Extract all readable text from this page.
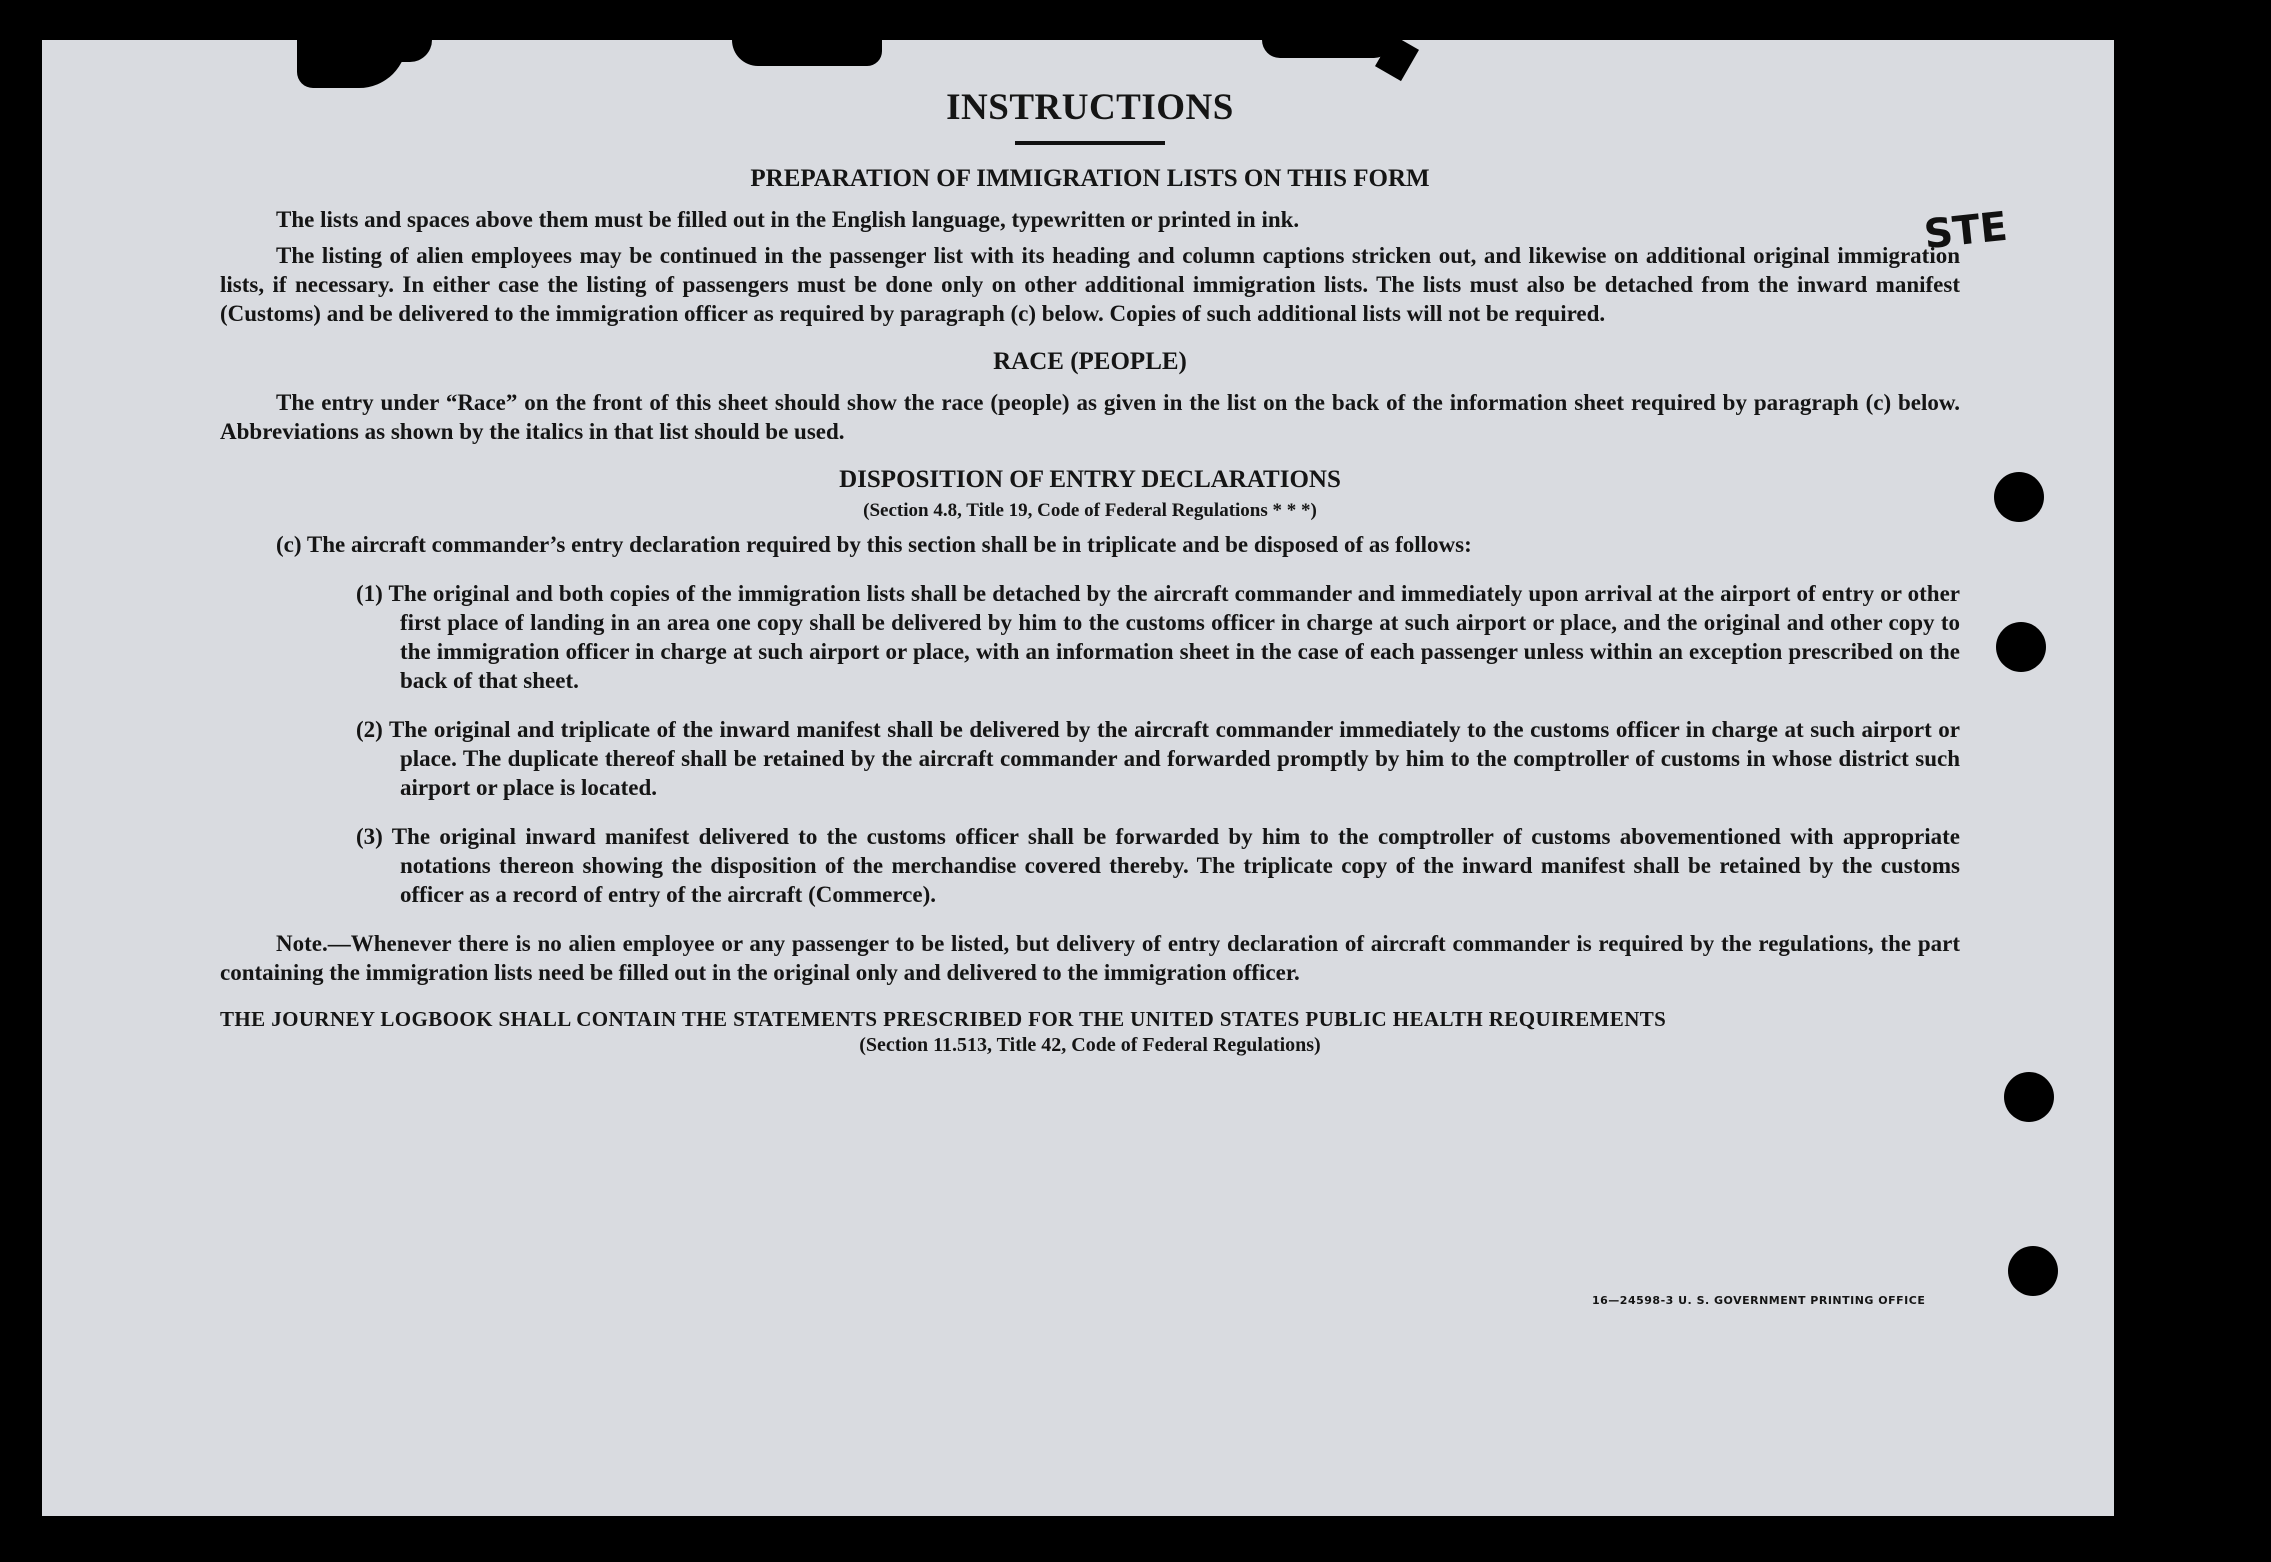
STE
INSTRUCTIONS
PREPARATION OF IMMIGRATION LISTS ON THIS FORM

The lists and spaces above them must be filled out in the English language, typewritten or printed in ink.

The listing of alien employees may be continued in the passenger list with its heading and column captions stricken out, and likewise on additional original immigration lists, if necessary. In either case the listing of passengers must be done only on other additional immigration lists. The lists must also be detached from the inward manifest (Customs) and be delivered to the immigration officer as required by paragraph (c) below. Copies of such additional lists will not be required.

RACE (PEOPLE)

The entry under “Race” on the front of this sheet should show the race (people) as given in the list on the back of the information sheet required by paragraph (c) below. Abbreviations as shown by the italics in that list should be used.

DISPOSITION OF ENTRY DECLARATIONS
(Section 4.8, Title 19, Code of Federal Regulations * * *)

(c) The aircraft commander’s entry declaration required by this section shall be in triplicate and be disposed of as follows:

(1) The original and both copies of the immigration lists shall be detached by the aircraft commander and immediately upon arrival at the airport of entry or other first place of landing in an area one copy shall be delivered by him to the customs officer in charge at such airport or place, and the original and other copy to the immigration officer in charge at such airport or place, with an information sheet in the case of each passenger unless within an exception prescribed on the back of that sheet.

(2) The original and triplicate of the inward manifest shall be delivered by the aircraft commander immediately to the customs officer in charge at such airport or place. The duplicate thereof shall be retained by the aircraft commander and forwarded promptly by him to the comptroller of customs in whose district such airport or place is located.

(3) The original inward manifest delivered to the customs officer shall be forwarded by him to the comptroller of customs abovementioned with appropriate notations thereon showing the disposition of the merchandise covered thereby. The triplicate copy of the inward manifest shall be retained by the customs officer as a record of entry of the aircraft (Commerce).

Note.—Whenever there is no alien employee or any passenger to be listed, but delivery of entry declaration of aircraft commander is required by the regulations, the part containing the immigration lists need be filled out in the original only and delivered to the immigration officer.

THE JOURNEY LOGBOOK SHALL CONTAIN THE STATEMENTS PRESCRIBED FOR THE UNITED STATES PUBLIC HEALTH REQUIREMENTS
(Section 11.513, Title 42, Code of Federal Regulations)
16—24598-3 U. S. GOVERNMENT PRINTING OFFICE
